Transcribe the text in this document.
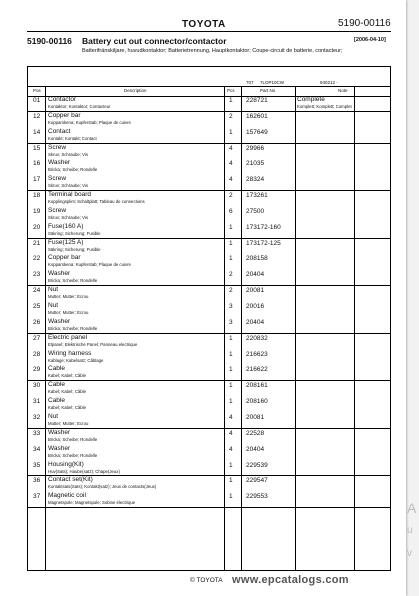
TOYOTA	5190-00116
5190-00116 Battery cut out connector/contactor	[2006-04-10]
Batterifränskiljare, huvudkontaktor; Batterietrennung, Hauptkontaktor; Coupe-circuit de batterie, contacteur;
707 7LOP10CW	940212 -
Pos	Description	Pcs	Part No	Note
01 Contactor
Kontaktor; Kontaktor; Contacteur
1 228721	Complete
Komplett; Komplett; Complet
12 Copper bar
Kopparskena; Kupferstab; Plaque de cuivre
2 162601
14 Contact
Kontakt; Kontakt; Contact
1 157649
15 Screw
Skruv; Schraube; Vis
4 29966
16 Washer
Bricka; Scheibe; Rondelle
4 21035
17 Screw
Skruv; Schraube; Vis
4 28324
18 Terminal board
Kopplingsplint; Schaltplatt; Tableau de connections
2 173261
19 Screw
Skruv; Schraube; Vis
6 27500
20 Fuse(160 A)
Säkring; Sicherung; Fusible
1 173172-160
21 Fuse(125 A)
Säkring; Sicherung; Fusible
1 173172-125
22 Copper bar
Kopparskena; Kupferstab; Plaque de cuivre
1 208158
23 Washer
Bricka; Scheibe; Rondelle
2 20404
24 Nut
Mutter; Mutter; Ecrou
2 20081
25 Nut
Mutter; Mutter; Ecrou
3 20016
26 Washer
Bricka; Scheibe; Rondelle
3 20404
27 Electric panel
Elpanel; Elektrische Panel; Panneau electrique
1 220832
28 Wiring harness
Kablage; Kabelsatz; Câblage
1 216623
29 Cable
Kabel; Kabel; Câble
1 216622
30 Cable
Kabel; Kabel; Câble
1 208161
31 Cable
Kabel; Kabel; Câble
1 208160
32 Nut
Mutter; Mutter; Ecrou
4 20081
33 Washer
Bricka; Scheibe; Rondelle
4 22528
34 Washer
Bricka; Scheibe; Rondelle
4 20404
35 Housing(Kit)
Huv(Sats); Haube(satz); Chape(Jeux)
1 229539
36 Contact set(Kit)
Kontaktsats(Sats); Kontakt(satz); Jeux de contacts(Jeux)
1 229547
37 Magnetic coil
Magnetspole; Magnetspule; Sobine électrique
1 229553
© TOYOTA www.epcatalogs.com
A
u
v
